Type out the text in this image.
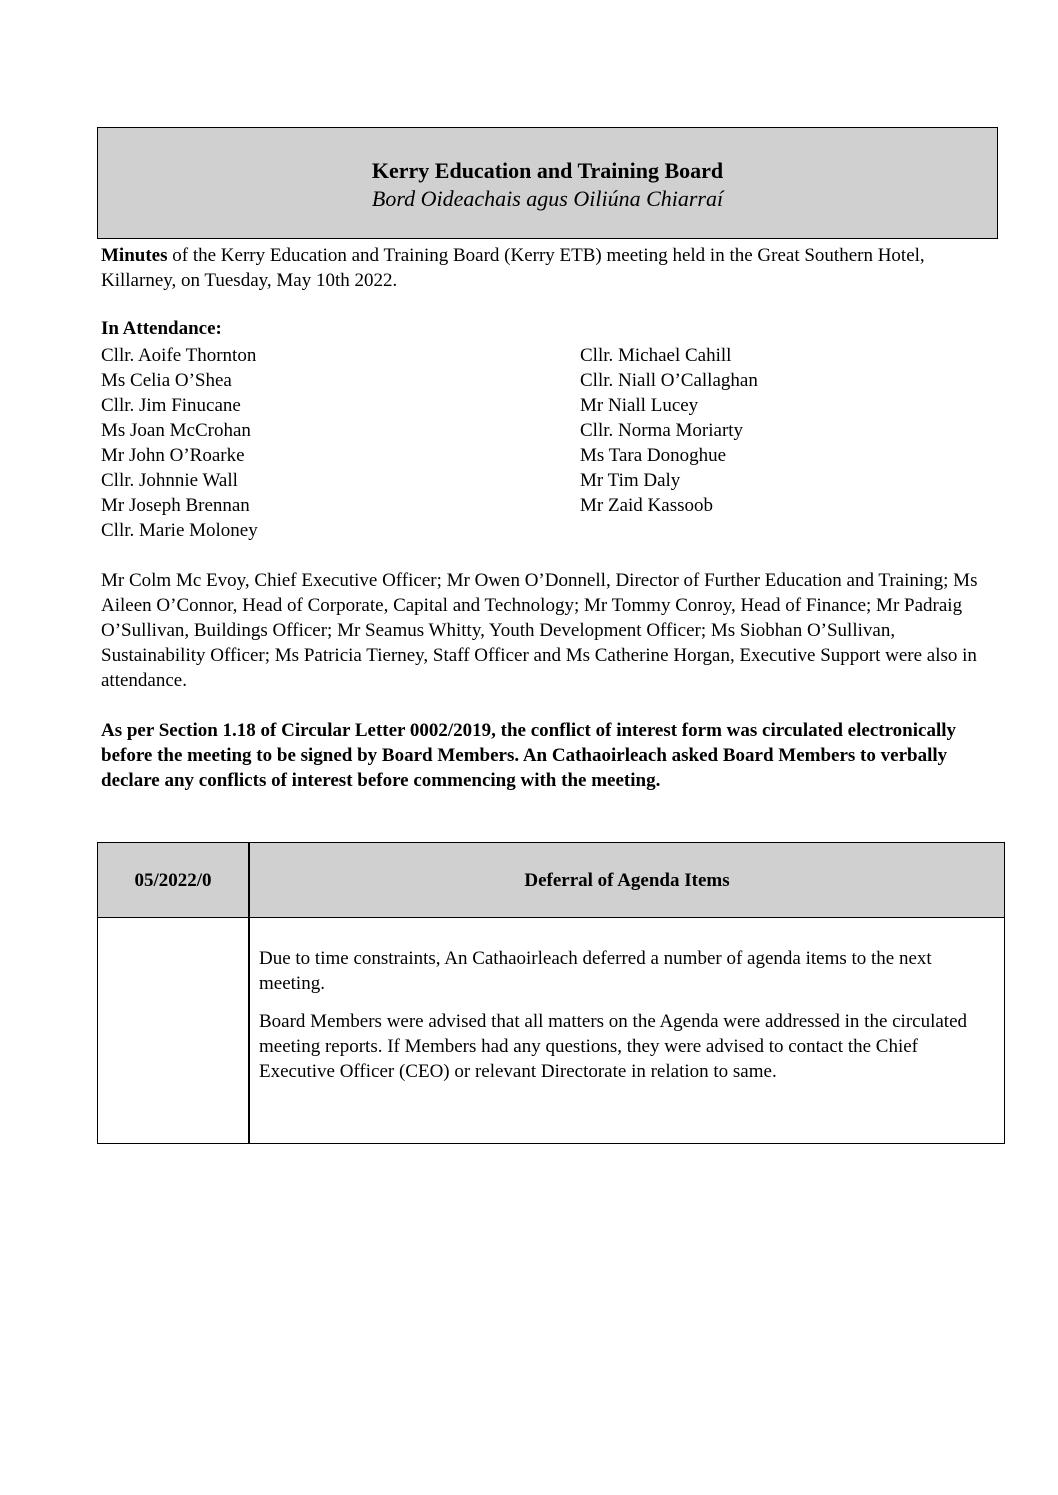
Kerry Education and Training Board
Bord Oideachais agus Oiliúna Chiarraí
Minutes of the Kerry Education and Training Board (Kerry ETB) meeting held in the Great Southern Hotel, Killarney, on Tuesday, May 10th 2022.
In Attendance:
Cllr. Aoife Thornton
Ms Celia O’Shea
Cllr. Jim Finucane
Ms Joan McCrohan
Mr John O’Roarke
Cllr. Johnnie Wall
Mr Joseph Brennan
Cllr. Marie Moloney
Cllr. Michael Cahill
Cllr. Niall O’Callaghan
Mr Niall Lucey
Cllr. Norma Moriarty
Ms Tara Donoghue
Mr Tim Daly
Mr Zaid Kassoob
Mr Colm Mc Evoy, Chief Executive Officer; Mr Owen O’Donnell, Director of Further Education and Training; Ms Aileen O’Connor, Head of Corporate, Capital and Technology; Mr Tommy Conroy, Head of Finance; Mr Padraig O’Sullivan, Buildings Officer; Mr Seamus Whitty, Youth Development Officer; Ms Siobhan O’Sullivan, Sustainability Officer; Ms Patricia Tierney, Staff Officer and Ms Catherine Horgan, Executive Support were also in attendance.
As per Section 1.18 of Circular Letter 0002/2019, the conflict of interest form was circulated electronically before the meeting to be signed by Board Members. An Cathaoirleach asked Board Members to verbally declare any conflicts of interest before commencing with the meeting.
05/2022/0	Deferral of Agenda Items

Due to time constraints, An Cathaoirleach deferred a number of agenda items to the next meeting.

Board Members were advised that all matters on the Agenda were addressed in the circulated meeting reports. If Members had any questions, they were advised to contact the Chief Executive Officer (CEO) or relevant Directorate in relation to same.
